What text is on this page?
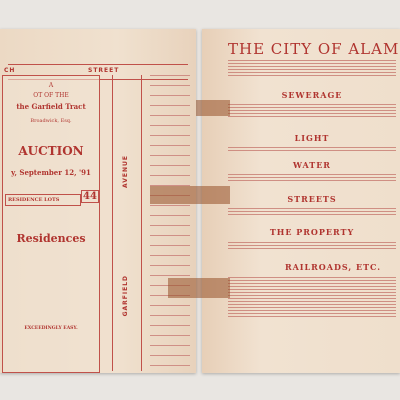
CH	STREET
A
OT OF THE
the Garfield Tract
Broadwick, Esq.
AUCTION
y, September 12, '91
RESIDENCE LOTS	44
Residences
EXCEEDINGLY EASY.
AVENUE
GARFIELD
THE CITY OF ALAM
SEWERAGE
LIGHT
WATER
STREETS
THE PROPERTY
RAILROADS, ETC.
